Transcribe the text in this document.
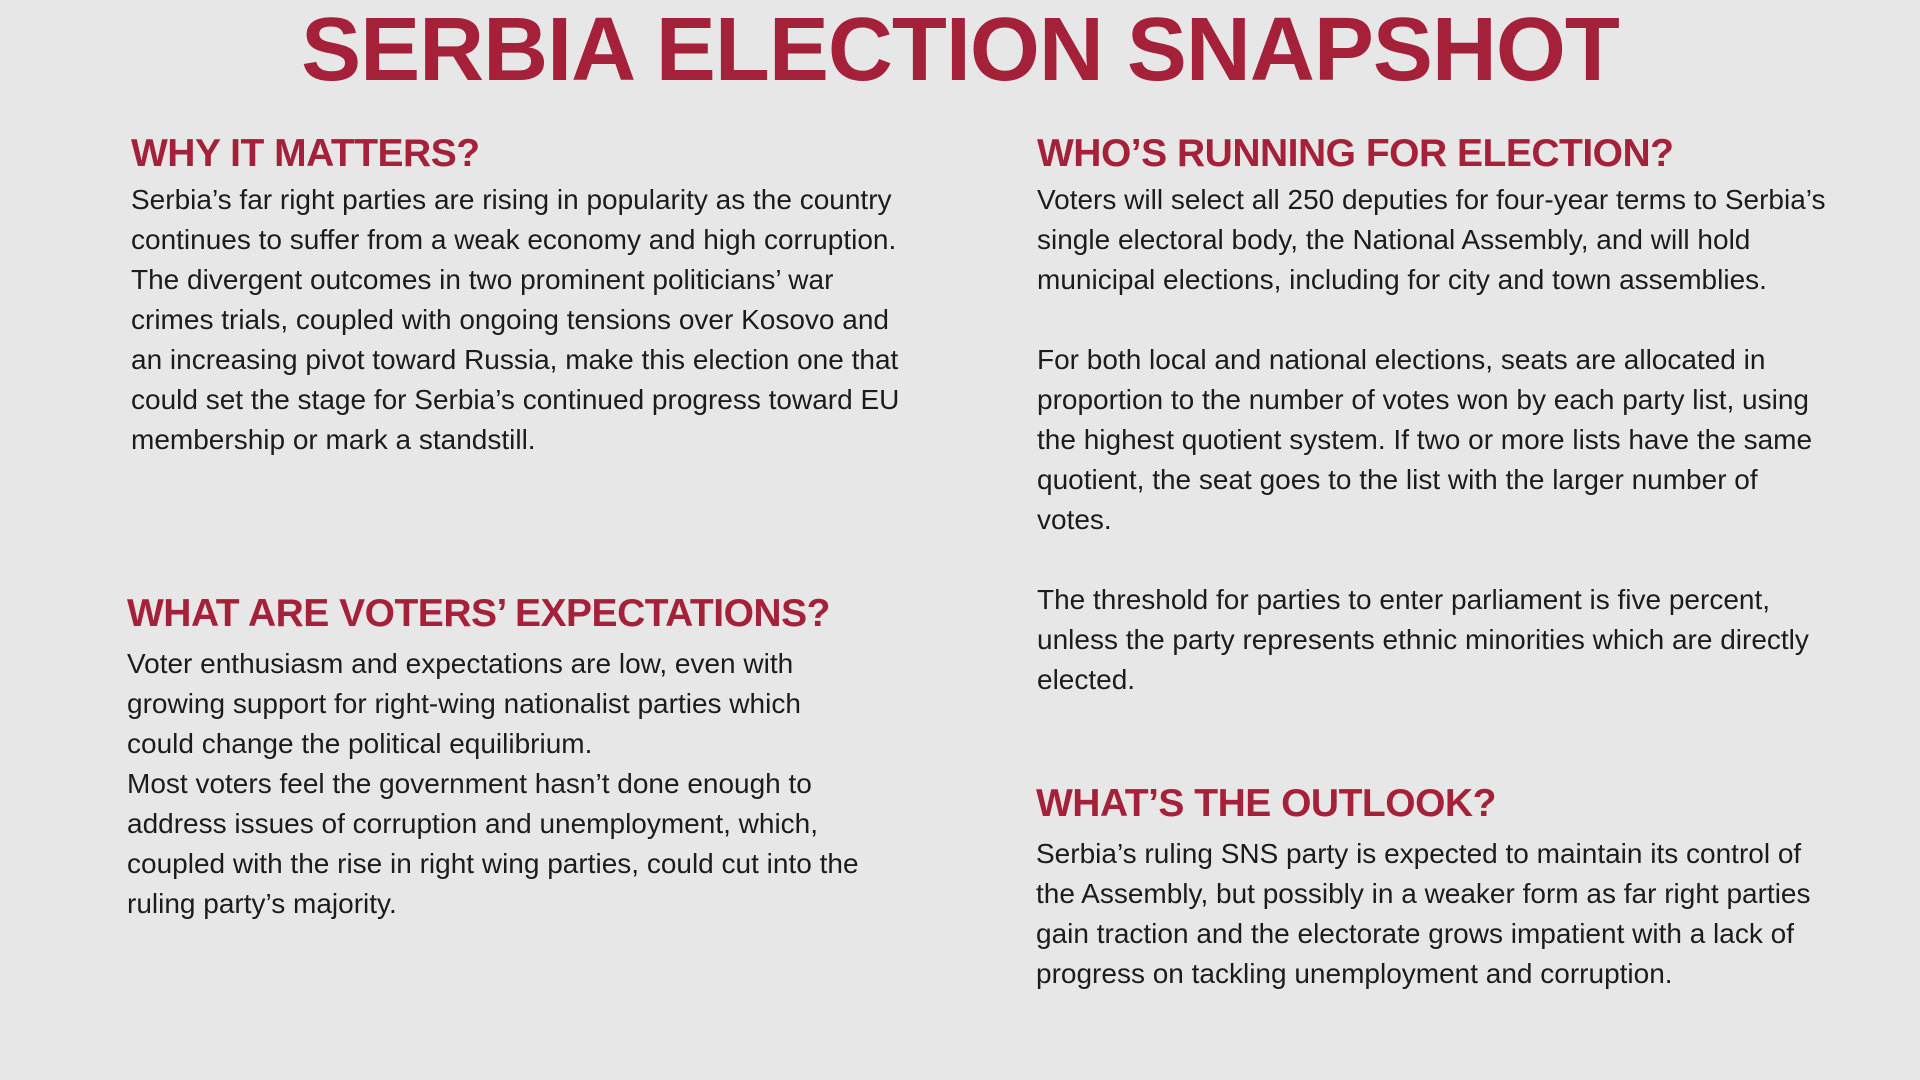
SERBIA ELECTION SNAPSHOT
WHY IT MATTERS?

Serbia’s far right parties are rising in popularity as the country continues to suffer from a weak economy and high corruption. The divergent outcomes in two prominent politicians’ war crimes trials, coupled with ongoing tensions over Kosovo and an increasing pivot toward Russia, make this election one that could set the stage for Serbia’s continued progress toward EU membership or mark a standstill.

WHAT ARE VOTERS’ EXPECTATIONS?

Voter enthusiasm and expectations are low, even with growing support for right-wing nationalist parties which could change the political equilibrium.

Most voters feel the government hasn’t done enough to address issues of corruption and unemployment, which, coupled with the rise in right wing parties, could cut into the ruling party’s majority.

WHO’S RUNNING FOR ELECTION?

Voters will select all 250 deputies for four-year terms to Serbia’s single electoral body, the National Assembly, and will hold municipal elections, including for city and town assemblies.

For both local and national elections, seats are allocated in proportion to the number of votes won by each party list, using the highest quotient system. If two or more lists have the same quotient, the seat goes to the list with the larger number of votes.

The threshold for parties to enter parliament is five percent, unless the party represents ethnic minorities which are directly elected.

WHAT’S THE OUTLOOK?

Serbia’s ruling SNS party is expected to maintain its control of the Assembly, but possibly in a weaker form as far right parties gain traction and the electorate grows impatient with a lack of progress on tackling unemployment and corruption.
